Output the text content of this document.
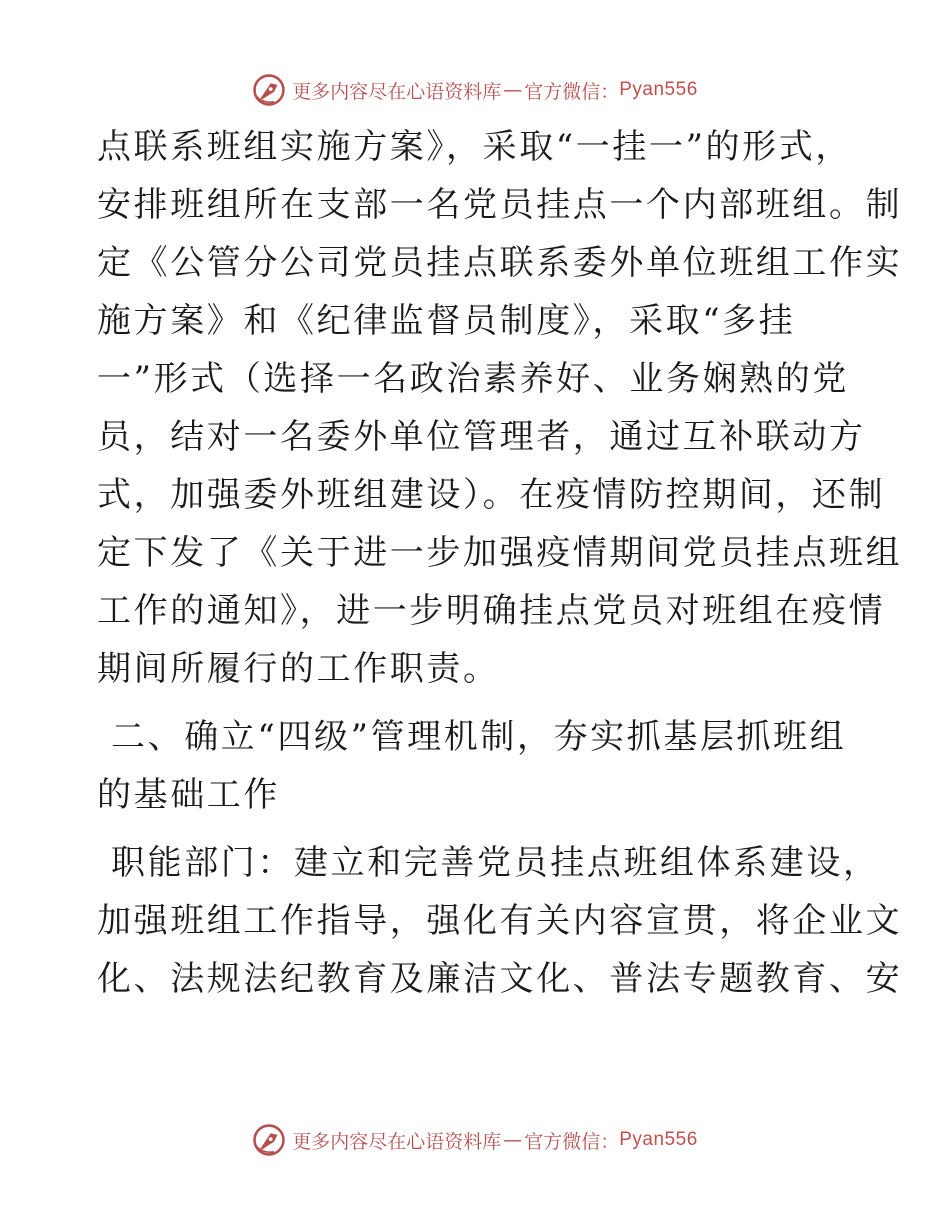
更多内容尽在心语资料库 — 官方微信： Pyan556

点联系班组实施方案》，采取“一挂一”的形式，

安排班组所在支部一名党员挂点一个内部班组。制

定《公管分公司党员挂点联系委外单位班组工作实

施方案》和《纪律监督员制度》，采取“多挂

一”形式（选择一名政治素养好、业务娴熟的党

员，结对一名委外单位管理者，通过互补联动方

式，加强委外班组建设）。在疫情防控期间，还制

定下发了《关于进一步加强疫情期间党员挂点班组

工作的通知》，进一步明确挂点党员对班组在疫情

期间所履行的工作职责。

二、确立“四级”管理机制，夯实抓基层抓班组

的基础工作

职能部门：建立和完善党员挂点班组体系建设，

加强班组工作指导，强化有关内容宣贯，将企业文

化、法规法纪教育及廉洁文化、普法专题教育、安

更多内容尽在心语资料库 — 官方微信： Pyan556
